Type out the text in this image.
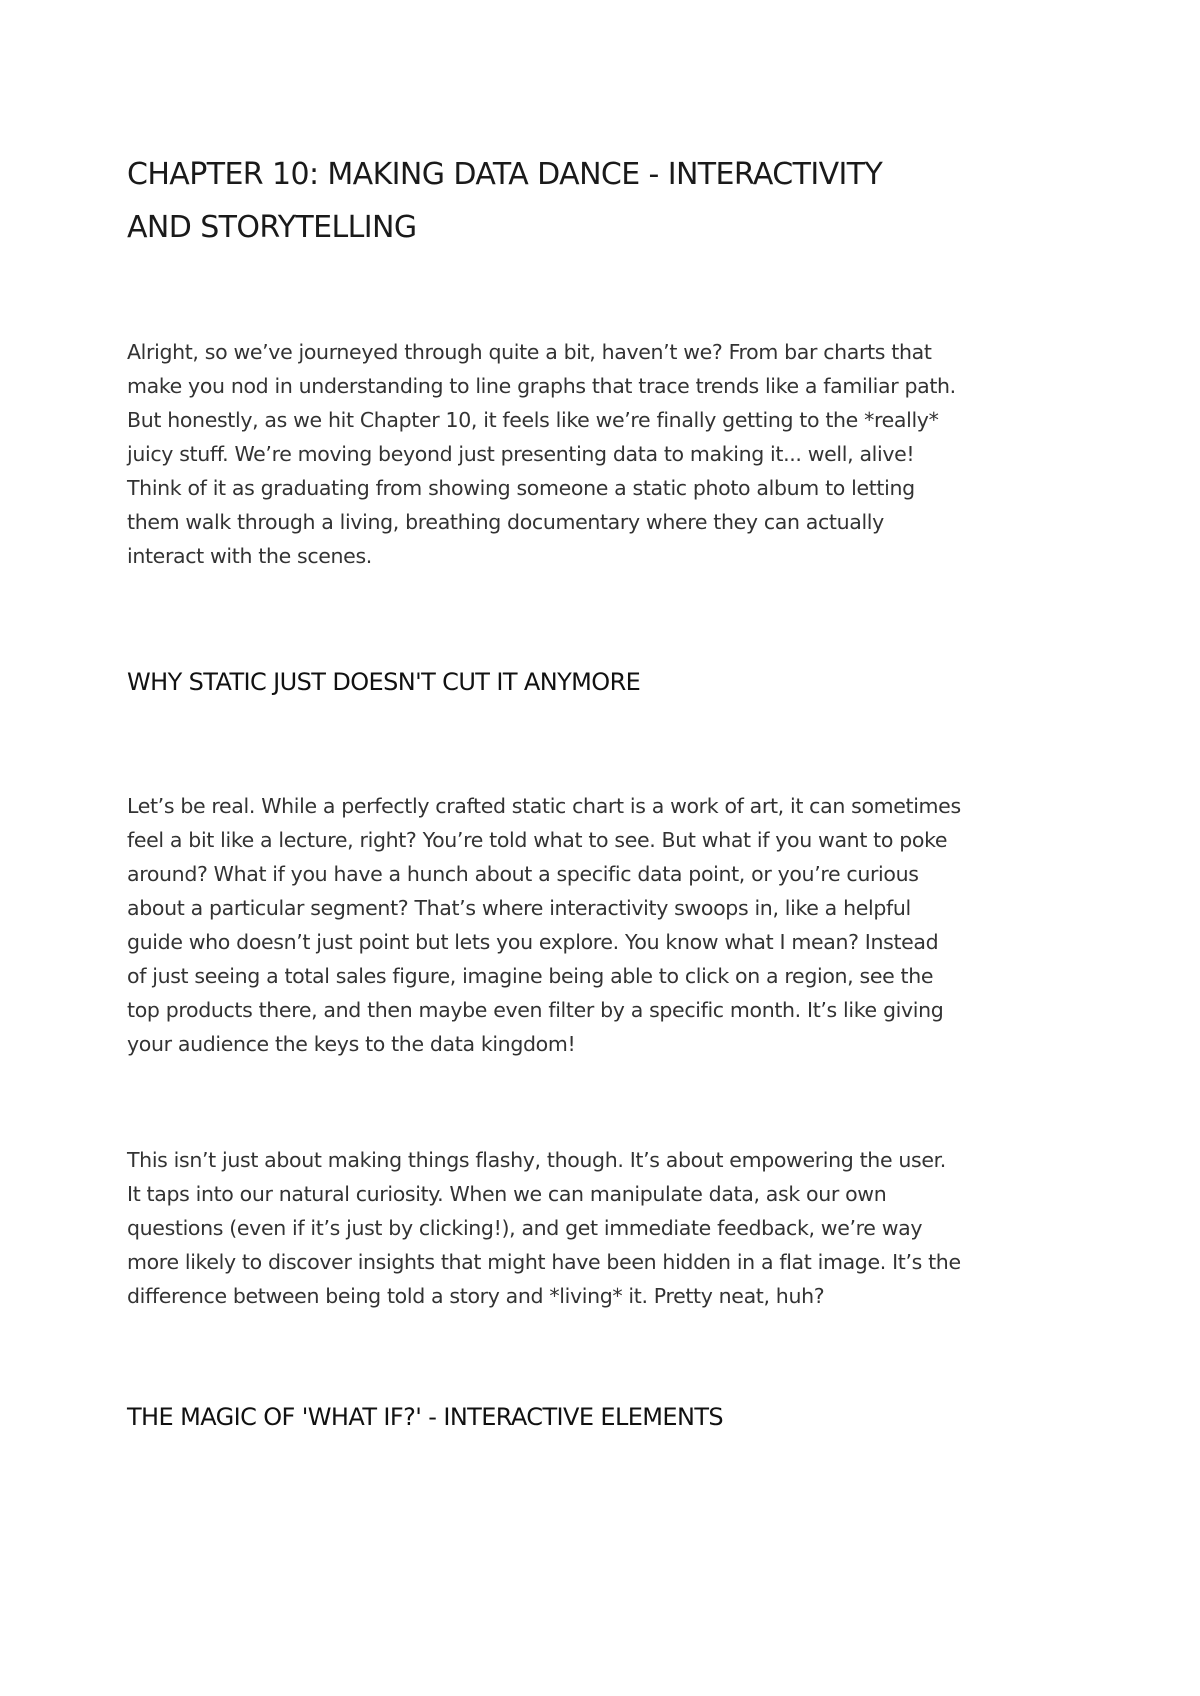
CHAPTER 10: MAKING DATA DANCE - INTERACTIVITY
AND STORYTELLING

Alright, so we’ve journeyed through quite a bit, haven’t we? From bar charts that
make you nod in understanding to line graphs that trace trends like a familiar path.
But honestly, as we hit Chapter 10, it feels like we’re finally getting to the *really*
juicy stuff. We’re moving beyond just presenting data to making it... well, alive!
Think of it as graduating from showing someone a static photo album to letting
them walk through a living, breathing documentary where they can actually
interact with the scenes.

WHY STATIC JUST DOESN'T CUT IT ANYMORE

Let’s be real. While a perfectly crafted static chart is a work of art, it can sometimes
feel a bit like a lecture, right? You’re told what to see. But what if you want to poke
around? What if you have a hunch about a specific data point, or you’re curious
about a particular segment? That’s where interactivity swoops in, like a helpful
guide who doesn’t just point but lets you explore. You know what I mean? Instead
of just seeing a total sales figure, imagine being able to click on a region, see the
top products there, and then maybe even filter by a specific month. It’s like giving
your audience the keys to the data kingdom!

This isn’t just about making things flashy, though. It’s about empowering the user.
It taps into our natural curiosity. When we can manipulate data, ask our own
questions (even if it’s just by clicking!), and get immediate feedback, we’re way
more likely to discover insights that might have been hidden in a flat image. It’s the
difference between being told a story and *living* it. Pretty neat, huh?

THE MAGIC OF 'WHAT IF?' - INTERACTIVE ELEMENTS
